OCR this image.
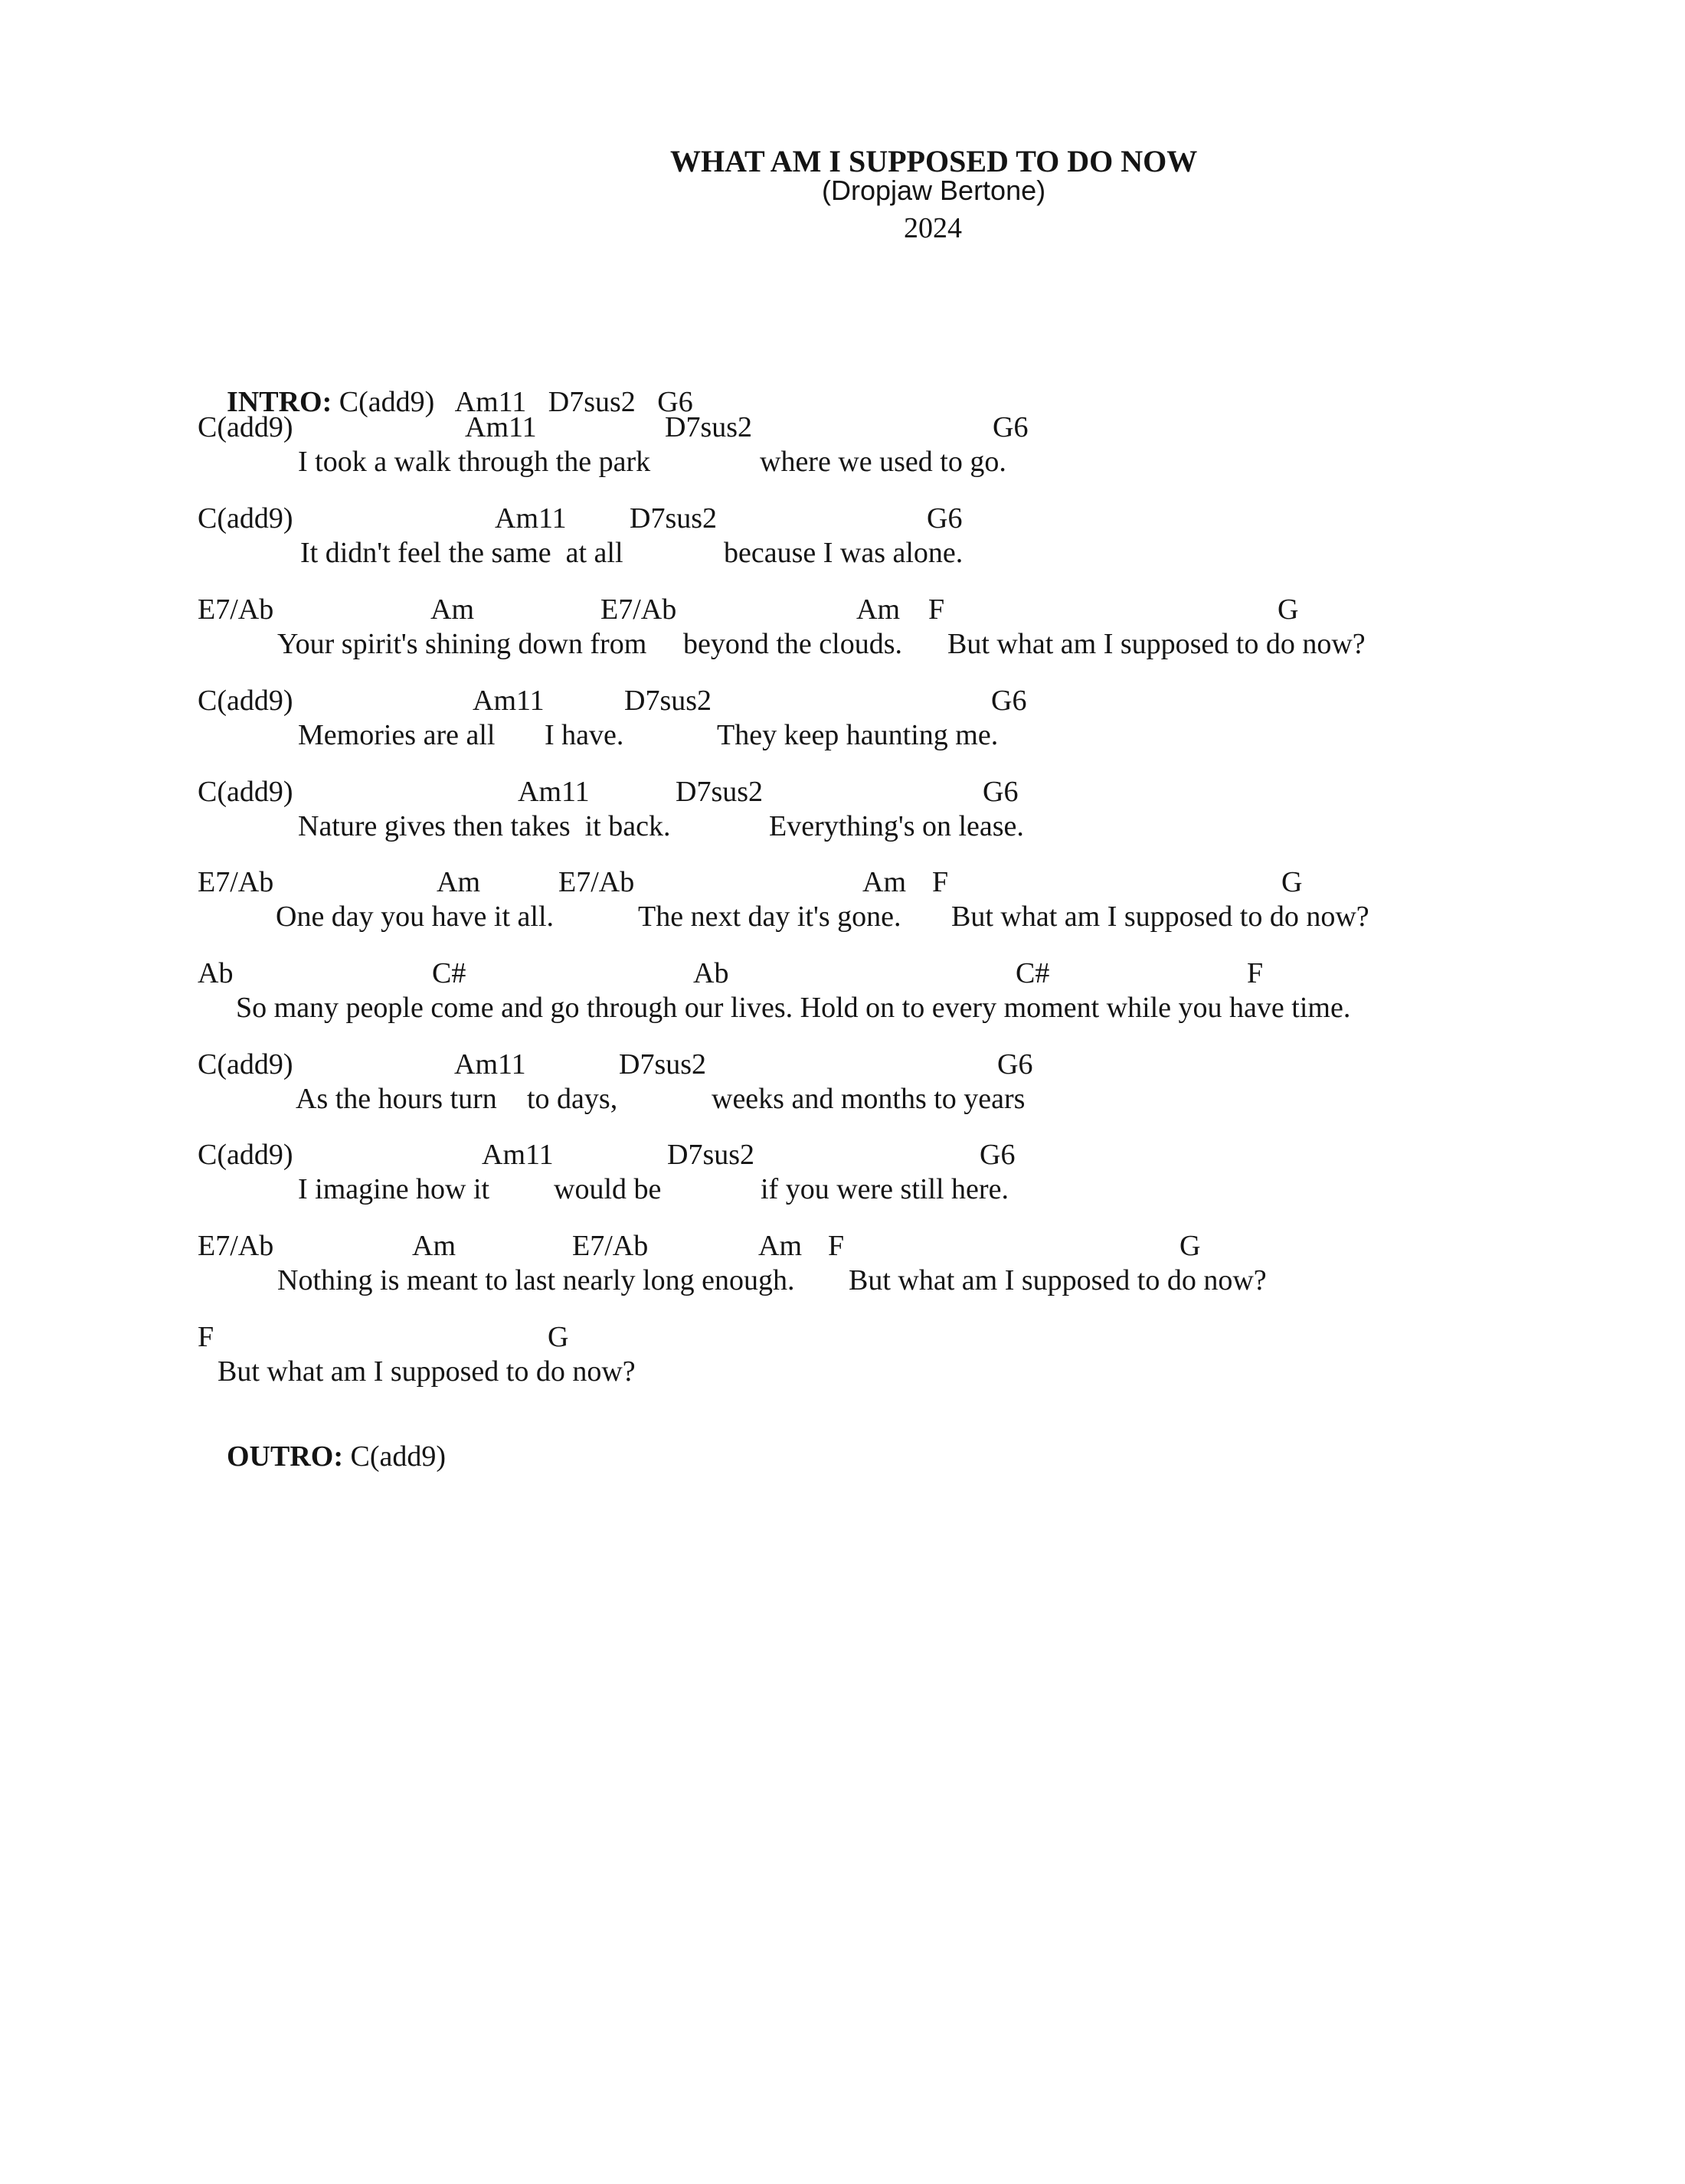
WHAT AM I SUPPOSED TO DO NOW
(Dropjaw Bertone)
2024

INTRO: C(add9)   Am11   D7sus2   G6

C(add9)	Am11	D7sus2	G6
I took a walk through the park	where we used to go.
C(add9)	Am11 D7sus2	G6
It didn't feel the same  at all	because I was alone.
E7/Ab	Am	E7/Ab	Am F	G
Your spirit's shining down from beyond the clouds. But what am I supposed to do now?
C(add9)	Am11	D7sus2	G6
Memories are all I have.	They keep haunting me.
C(add9)	Am11	D7sus2	G6
Nature gives then takes  it back.	Everything's on lease.
E7/Ab	Am	E7/Ab	Am F	G
One day you have it all.	The next day it's gone. But what am I supposed to do now?
Ab	C#	Ab	C#	F
So many people come and go through our lives. Hold on to every moment while you have time.
C(add9)	Am11	D7sus2	G6
As the hours turn to days,	weeks and months to years
C(add9)	Am11	D7sus2	G6
I imagine how it would be	if you were still here.
E7/Ab	Am	E7/Ab	Am F	G
Nothing is meant to last nearly long enough. But what am I supposed to do now?
F	G
But what am I supposed to do now?

OUTRO: C(add9)
